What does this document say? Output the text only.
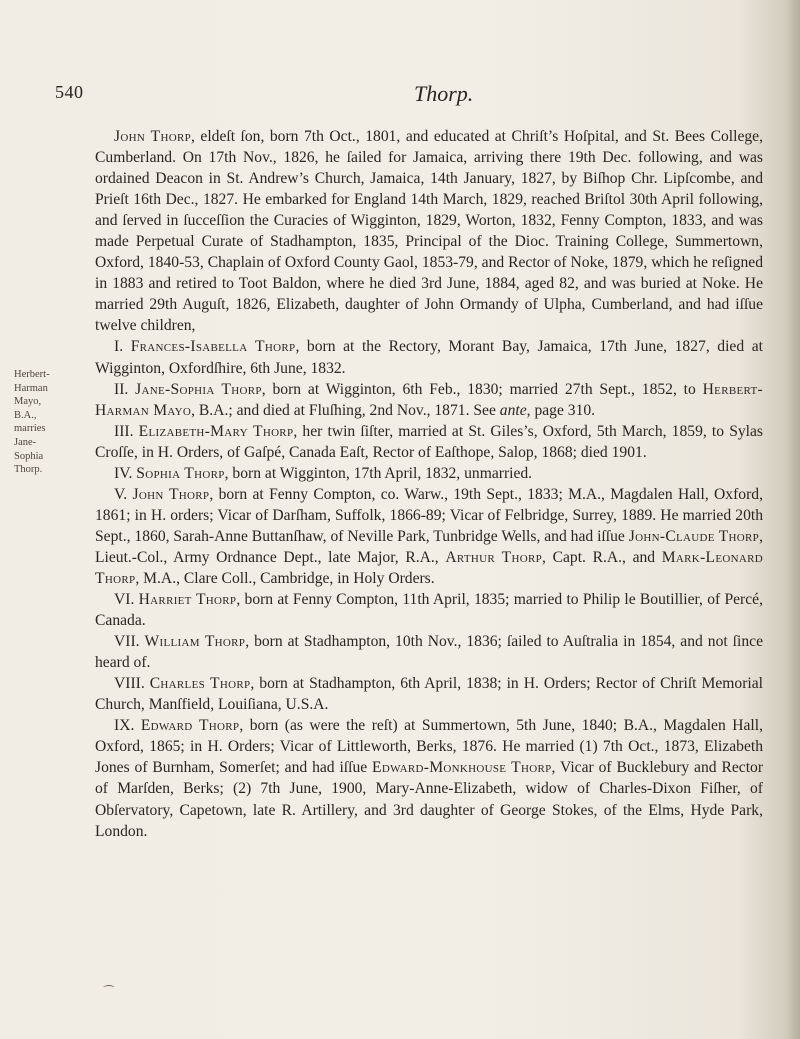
540	Thorp.
Herbert-
Harman
Mayo,
B.A.,
marries
Jane-
Sophia
Thorp.

John Thorp, eldeſt ſon, born 7th Oct., 1801, and educated at Chriſt’s Hoſpital, and St. Bees College, Cumberland. On 17th Nov., 1826, he ſailed for Jamaica, arriving there 19th Dec. following, and was ordained Deacon in St. Andrew’s Church, Jamaica, 14th January, 1827, by Biſhop Chr. Lipſcombe, and Prieſt 16th Dec., 1827. He embarked for England 14th March, 1829, reached Briſtol 30th April following, and ſerved in ſucceſſion the Curacies of Wigginton, 1829, Worton, 1832, Fenny Compton, 1833, and was made Perpetual Curate of Stadhampton, 1835, Principal of the Dioc. Training College, Summertown, Oxford, 1840-53, Chaplain of Oxford County Gaol, 1853-79, and Rector of Noke, 1879, which he reſigned in 1883 and retired to Toot Baldon, where he died 3rd June, 1884, aged 82, and was buried at Noke. He married 29th Auguſt, 1826, Elizabeth, daughter of John Ormandy of Ulpha, Cumberland, and had iſſue twelve children,

I. Frances-Isabella Thorp, born at the Rectory, Morant Bay, Jamaica, 17th June, 1827, died at Wigginton, Oxfordſhire, 6th June, 1832.

II. Jane-Sophia Thorp, born at Wigginton, 6th Feb., 1830; married 27th Sept., 1852, to Herbert-Harman Mayo, B.A.; and died at Fluſhing, 2nd Nov., 1871. See ante, page 310.

III. Elizabeth-Mary Thorp, her twin ſiſter, married at St. Giles’s, Oxford, 5th March, 1859, to Sylas Croſſe, in H. Orders, of Gaſpé, Canada Eaſt, Rector of Eaſthope, Salop, 1868; died 1901.

IV. Sophia Thorp, born at Wigginton, 17th April, 1832, unmarried.

V. John Thorp, born at Fenny Compton, co. Warw., 19th Sept., 1833; M.A., Magdalen Hall, Oxford, 1861; in H. orders; Vicar of Darſham, Suffolk, 1866-89; Vicar of Felbridge, Surrey, 1889. He married 20th Sept., 1860, Sarah-Anne Buttanſhaw, of Neville Park, Tunbridge Wells, and had iſſue John-Claude Thorp, Lieut.-Col., Army Ordnance Dept., late Major, R.A., Arthur Thorp, Capt. R.A., and Mark-Leonard Thorp, M.A., Clare Coll., Cambridge, in Holy Orders.

VI. Harriet Thorp, born at Fenny Compton, 11th April, 1835; married to Philip le Boutillier, of Percé, Canada.

VII. William Thorp, born at Stadhampton, 10th Nov., 1836; ſailed to Auſtralia in 1854, and not ſince heard of.

VIII. Charles Thorp, born at Stadhampton, 6th April, 1838; in H. Orders; Rector of Chriſt Memorial Church, Manſfield, Louiſiana, U.S.A.

IX. Edward Thorp, born (as were the reſt) at Summertown, 5th June, 1840; B.A., Magdalen Hall, Oxford, 1865; in H. Orders; Vicar of Littleworth, Berks, 1876. He married (1) 7th Oct., 1873, Elizabeth Jones of Burnham, Somerſet; and had iſſue Edward-Monkhouse Thorp, Vicar of Bucklebury and Rector of Marſden, Berks; (2) 7th June, 1900, Mary-Anne-Elizabeth, widow of Charles-Dixon Fiſher, of Obſervatory, Capetown, late R. Artillery, and 3rd daughter of George Stokes, of the Elms, Hyde Park, London.

⁀
